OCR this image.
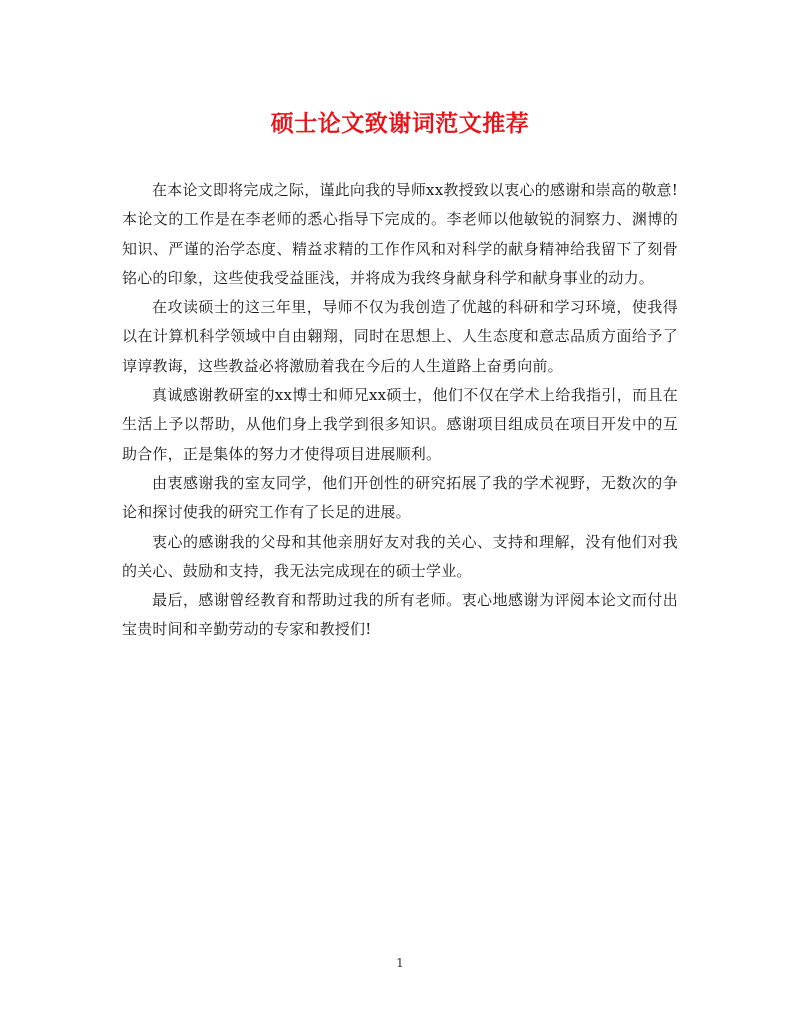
硕士论文致谢词范文推荐

在本论文即将完成之际，谨此向我的导师xx教授致以衷心的感谢和崇高的敬意!本论文的工作是在李老师的悉心指导下完成的。李老师以他敏锐的洞察力、渊博的知识、严谨的治学态度、精益求精的工作作风和对科学的献身精神给我留下了刻骨铭心的印象，这些使我受益匪浅，并将成为我终身献身科学和献身事业的动力。

在攻读硕士的这三年里，导师不仅为我创造了优越的科研和学习环境，使我得以在计算机科学领域中自由翱翔，同时在思想上、人生态度和意志品质方面给予了谆谆教诲，这些教益必将激励着我在今后的人生道路上奋勇向前。

真诚感谢教研室的xx博士和师兄xx硕士，他们不仅在学术上给我指引，而且在生活上予以帮助，从他们身上我学到很多知识。感谢项目组成员在项目开发中的互助合作，正是集体的努力才使得项目进展顺利。

由衷感谢我的室友同学，他们开创性的研究拓展了我的学术视野，无数次的争论和探讨使我的研究工作有了长足的进展。

衷心的感谢我的父母和其他亲朋好友对我的关心、支持和理解，没有他们对我的关心、鼓励和支持，我无法完成现在的硕士学业。

最后，感谢曾经教育和帮助过我的所有老师。衷心地感谢为评阅本论文而付出宝贵时间和辛勤劳动的专家和教授们!

1
